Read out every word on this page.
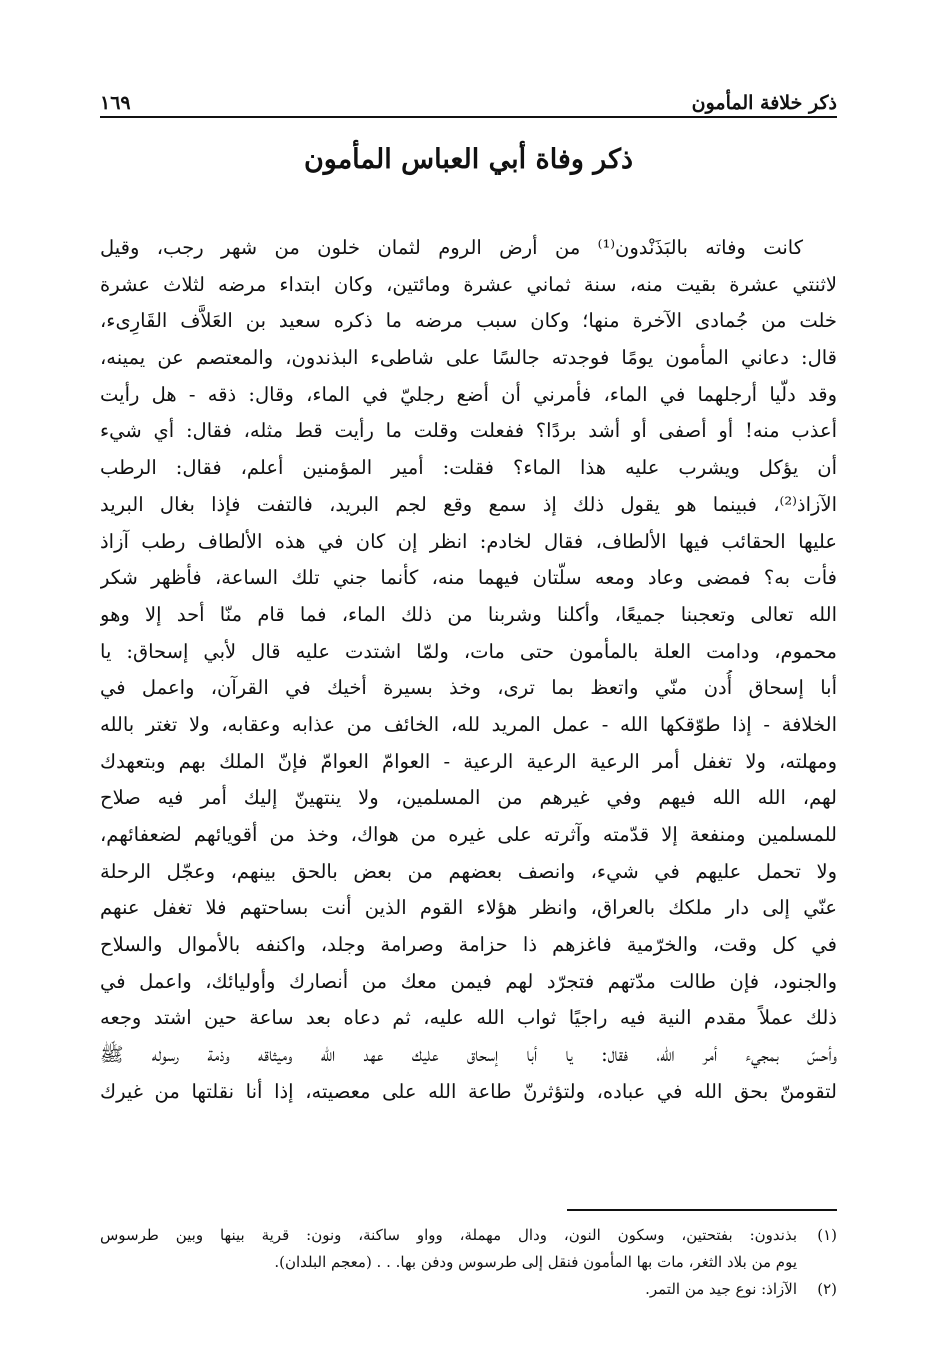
ذكر خلافة المأمون
١٦٩
ذكر وفاة أبي العباس المأمون
كانت وفاته بالبَذَنْدون⁽¹⁾ من أرض الروم لثمان خلون من شهر رجب، وقيل
لاثنتي عشرة بقيت منه، سنة ثماني عشرة ومائتين، وكان ابتداء مرضه لثلاث عشرة
خلت من جُمادى الآخرة منها؛ وكان سبب مرضه ما ذكره سعيد بن العَلاَّف القَارِىء،
قال: دعاني المأمون يومًا فوجدته جالسًا على شاطىء البذندون، والمعتصم عن يمينه،
وقد دلّيا أرجلهما في الماء، فأمرني أن أضع رجليّ في الماء، وقال: ذقه - هل رأيت
أعذب منه! أو أصفى أو أشد بردًا؟ ففعلت وقلت ما رأيت قط مثله، فقال: أي شيء
أن يؤكل ويشرب عليه هذا الماء؟ فقلت: أمير المؤمنين أعلم، فقال: الرطب
الآزاذ⁽²⁾، فبينما هو يقول ذلك إذ سمع وقع لجم البريد، فالتفت فإذا بغال البريد
عليها الحقائب فيها الألطاف، فقال لخادم: انظر إن كان في هذه الألطاف رطب آزاذ
فأت به؟ فمضى وعاد ومعه سلّتان فيهما منه، كأنما جني تلك الساعة، فأظهر شكر
الله تعالى وتعجبنا جميعًا، وأكلنا وشربنا من ذلك الماء، فما قام منّا أحد إلا وهو
محموم، ودامت العلة بالمأمون حتى مات، ولمّا اشتدت عليه قال لأبي إسحاق: يا
أبا إسحاق أُدن منّي واتعظ بما ترى، وخذ بسيرة أخيك في القرآن، واعمل في
الخلافة - إذا طوّقكها الله - عمل المريد لله، الخائف من عذابه وعقابه، ولا تغتر بالله
ومهلته، ولا تغفل أمر الرعية الرعية الرعية - العوامّ العوامّ فإنّ الملك بهم وبتعهدك
لهم، الله الله فيهم وفي غيرهم من المسلمين، ولا ينتهينّ إليك أمر فيه صلاح
للمسلمين ومنفعة إلا قدّمته وآثرته على غيره من هواك، وخذ من أقويائهم لضعفائهم،
ولا تحمل عليهم في شيء، وانصف بعضهم من بعض بالحق بينهم، وعجّل الرحلة
عنّي إلى دار ملكك بالعراق، وانظر هؤلاء القوم الذين أنت بساحتهم فلا تغفل عنهم
في كل وقت، والخرّمية فاغزهم ذا حزامة وصرامة وجلد، واكنفه بالأموال والسلاح
والجنود، فإن طالت مدّتهم فتجرّد لهم فيمن معك من أنصارك وأوليائك، واعمل في
ذلك عملاً مقدم النية فيه راجيًا ثواب الله عليه، ثم دعاه بعد ساعة حين اشتد وجعه
وأحسّ بمجيء أمر الله، فقال: يا أبا إسحاق عليك عهد الله وميثاقه وذمة رسوله ﷺ
لتقومنّ بحق الله في عباده، ولتؤثرنّ طاعة الله على معصيته، إذا أنا نقلتها من غيرك
(١)بذندون: بفتحتين، وسكون النون، ودال مهملة، وواو ساكنة، ونون: قرية بينها وبين طرسوس
يوم من بلاد الثغر، مات بها المأمون فنقل إلى طرسوس ودفن بها. . . (معجم البلدان).
(٢)الآزاذ: نوع جيد من التمر.
